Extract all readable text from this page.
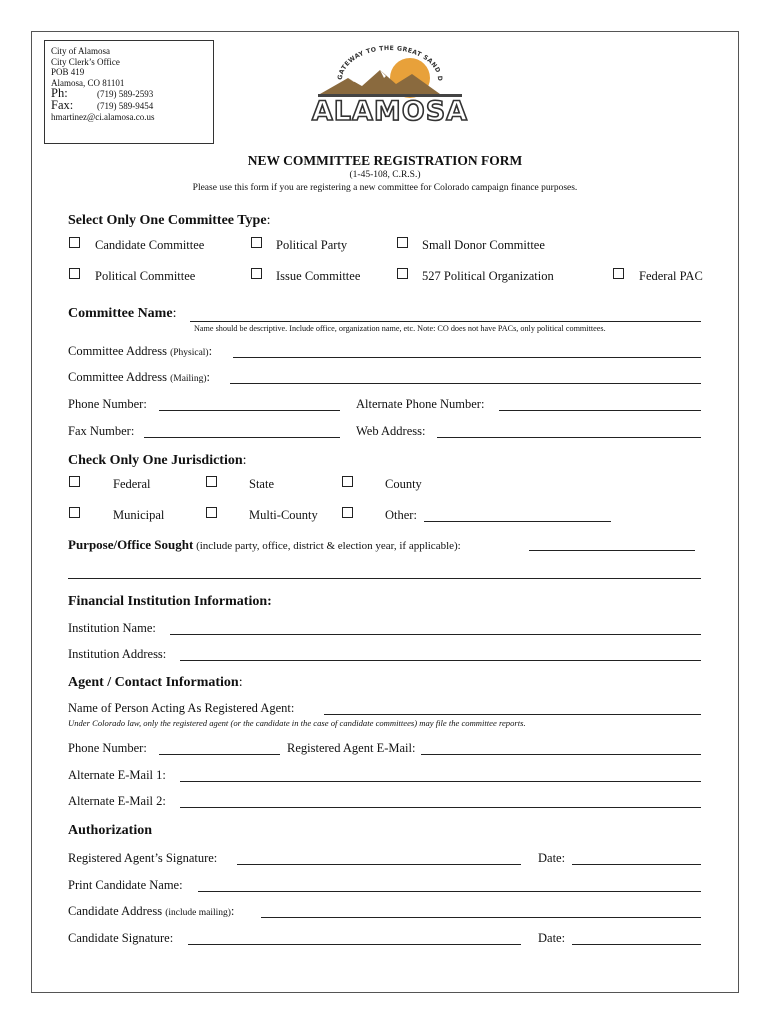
City of Alamosa
City Clerk’s Office
POB 419
Alamosa, CO 81101
Ph:	(719) 589-2593
Fax:	(719) 589-9454
hmartinez@ci.alamosa.co.us
GATEWAY TO THE GREAT SAND D
ALAMOSA
NEW COMMITTEE REGISTRATION FORM
(1-45-108, C.R.S.)
Please use this form if you are registering a new committee for Colorado campaign finance purposes.
Select Only One Committee Type:
Candidate Committee	Political Party	Small Donor Committee
Political Committee	Issue Committee	527 Political Organization	Federal PAC
Committee Name:
Name should be descriptive. Include office, organization name, etc. Note: CO does not have PACs, only political committees.
Committee Address (Physical):
Committee Address (Mailing):
Phone Number:	Alternate Phone Number:
Fax Number:	Web Address:
Check Only One Jurisdiction:
Federal	State	County
Municipal	Multi-County	Other:
Purpose/Office Sought (include party, office, district & election year, if applicable):
Financial Institution Information:
Institution Name:
Institution Address:
Agent / Contact Information:
Name of Person Acting As Registered Agent:
Under Colorado law, only the registered agent (or the candidate in the case of candidate committees) may file the committee reports.
Phone Number:	Registered Agent E-Mail:
Alternate E-Mail 1:
Alternate E-Mail 2:
Authorization
Registered Agent’s Signature:	Date:
Print Candidate Name:
Candidate Address (include mailing):
Candidate Signature:	Date:
